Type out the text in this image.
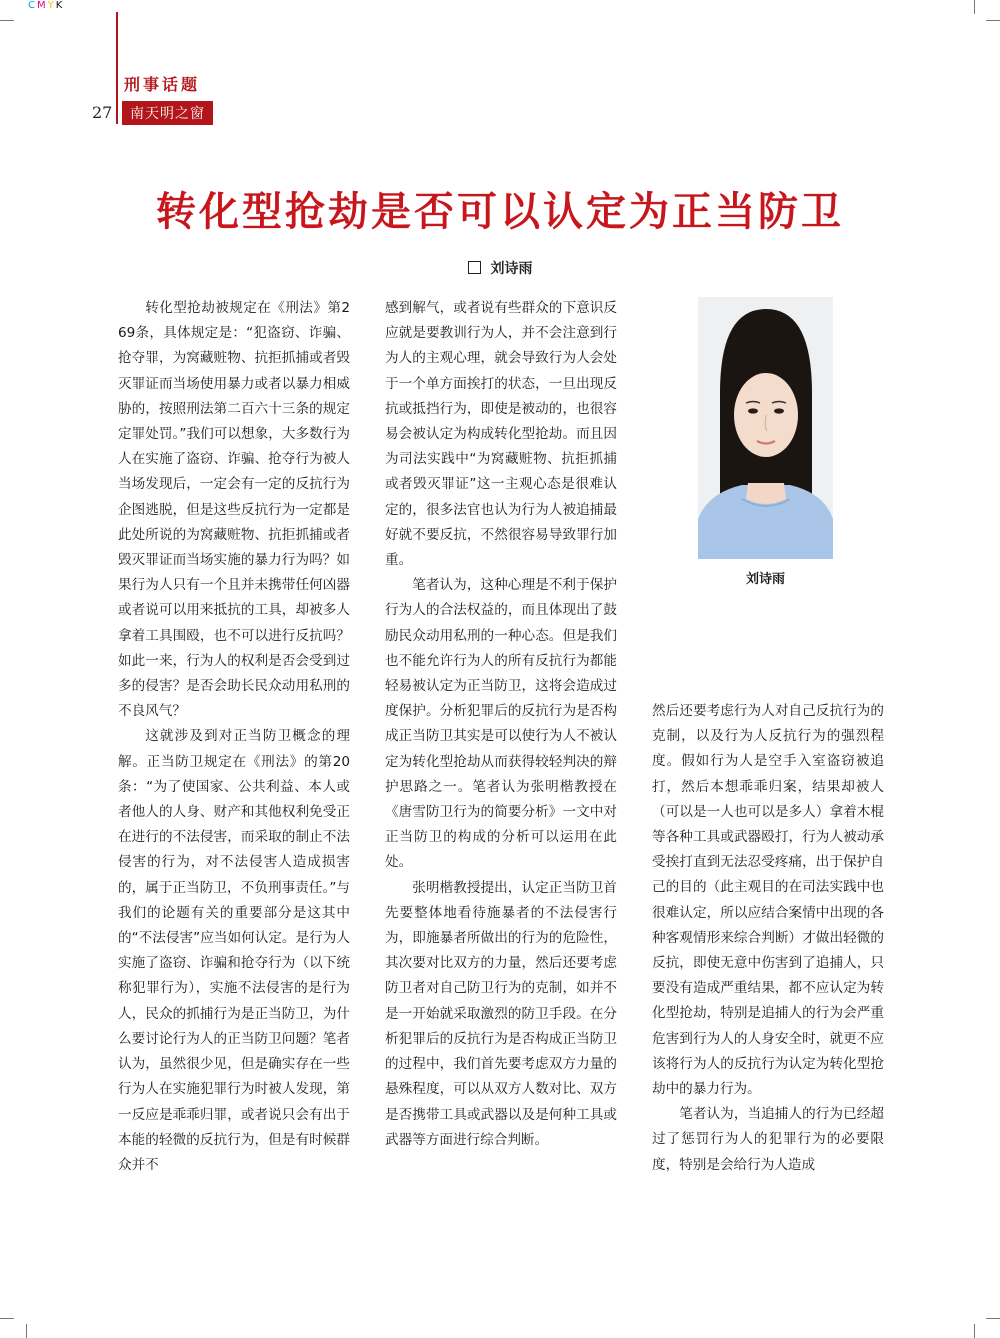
CMYK
刑事话题
27	南天明之窗
转化型抢劫是否可以认定为正当防卫
刘诗雨

转化型抢劫被规定在《刑法》第269条，具体规定是：“犯盗窃、诈骗、抢夺罪，为窝藏赃物、抗拒抓捕或者毁灭罪证而当场使用暴力或者以暴力相威胁的，按照刑法第二百六十三条的规定定罪处罚。”我们可以想象，大多数行为人在实施了盗窃、诈骗、抢夺行为被人当场发现后，一定会有一定的反抗行为企图逃脱，但是这些反抗行为一定都是此处所说的为窝藏赃物、抗拒抓捕或者毁灭罪证而当场实施的暴力行为吗？如果行为人只有一个且并未携带任何凶器或者说可以用来抵抗的工具，却被多人拿着工具围殴，也不可以进行反抗吗？如此一来，行为人的权利是否会受到过多的侵害？是否会助长民众动用私刑的不良风气？

这就涉及到对正当防卫概念的理解。正当防卫规定在《刑法》的第20条：“为了使国家、公共利益、本人或者他人的人身、财产和其他权利免受正在进行的不法侵害，而采取的制止不法侵害的行为，对不法侵害人造成损害的，属于正当防卫，不负刑事责任。”与我们的论题有关的重要部分是这其中的“不法侵害”应当如何认定。是行为人实施了盗窃、诈骗和抢夺行为（以下统称犯罪行为），实施不法侵害的是行为人，民众的抓捕行为是正当防卫，为什么要讨论行为人的正当防卫问题？笔者认为，虽然很少见，但是确实存在一些行为人在实施犯罪行为时被人发现，第一反应是乖乖归罪，或者说只会有出于本能的轻微的反抗行为，但是有时候群众并不

感到解气，或者说有些群众的下意识反应就是要教训行为人，并不会注意到行为人的主观心理，就会导致行为人会处于一个单方面挨打的状态，一旦出现反抗或抵挡行为，即使是被动的，也很容易会被认定为构成转化型抢劫。而且因为司法实践中“为窝藏赃物、抗拒抓捕或者毁灭罪证”这一主观心态是很难认定的，很多法官也认为行为人被追捕最好就不要反抗，不然很容易导致罪行加重。

笔者认为，这种心理是不利于保护行为人的合法权益的，而且体现出了鼓励民众动用私刑的一种心态。但是我们也不能允许行为人的所有反抗行为都能轻易被认定为正当防卫，这将会造成过度保护。分析犯罪后的反抗行为是否构成正当防卫其实是可以使行为人不被认定为转化型抢劫从而获得较轻判决的辩护思路之一。笔者认为张明楷教授在《唐雪防卫行为的简要分析》一文中对正当防卫的构成的分析可以运用在此处。

张明楷教授提出，认定正当防卫首先要整体地看待施暴者的不法侵害行为，即施暴者所做出的行为的危险性，其次要对比双方的力量，然后还要考虑防卫者对自己防卫行为的克制，如并不是一开始就采取激烈的防卫手段。在分析犯罪后的反抗行为是否构成正当防卫的过程中，我们首先要考虑双方力量的悬殊程度，可以从双方人数对比、双方是否携带工具或武器以及是何种工具或武器等方面进行综合判断。

刘诗雨

然后还要考虑行为人对自己反抗行为的克制，以及行为人反抗行为的强烈程度。假如行为人是空手入室盗窃被追打，然后本想乖乖归案，结果却被人（可以是一人也可以是多人）拿着木棍等各种工具或武器殴打，行为人被动承受挨打直到无法忍受疼痛，出于保护自己的目的（此主观目的在司法实践中也很难认定，所以应结合案情中出现的各种客观情形来综合判断）才做出轻微的反抗，即使无意中伤害到了追捕人，只要没有造成严重结果，都不应认定为转化型抢劫，特别是追捕人的行为会严重危害到行为人的人身安全时，就更不应该将行为人的反抗行为认定为转化型抢劫中的暴力行为。

笔者认为，当追捕人的行为已经超过了惩罚行为人的犯罪行为的必要限度，特别是会给行为人造成
